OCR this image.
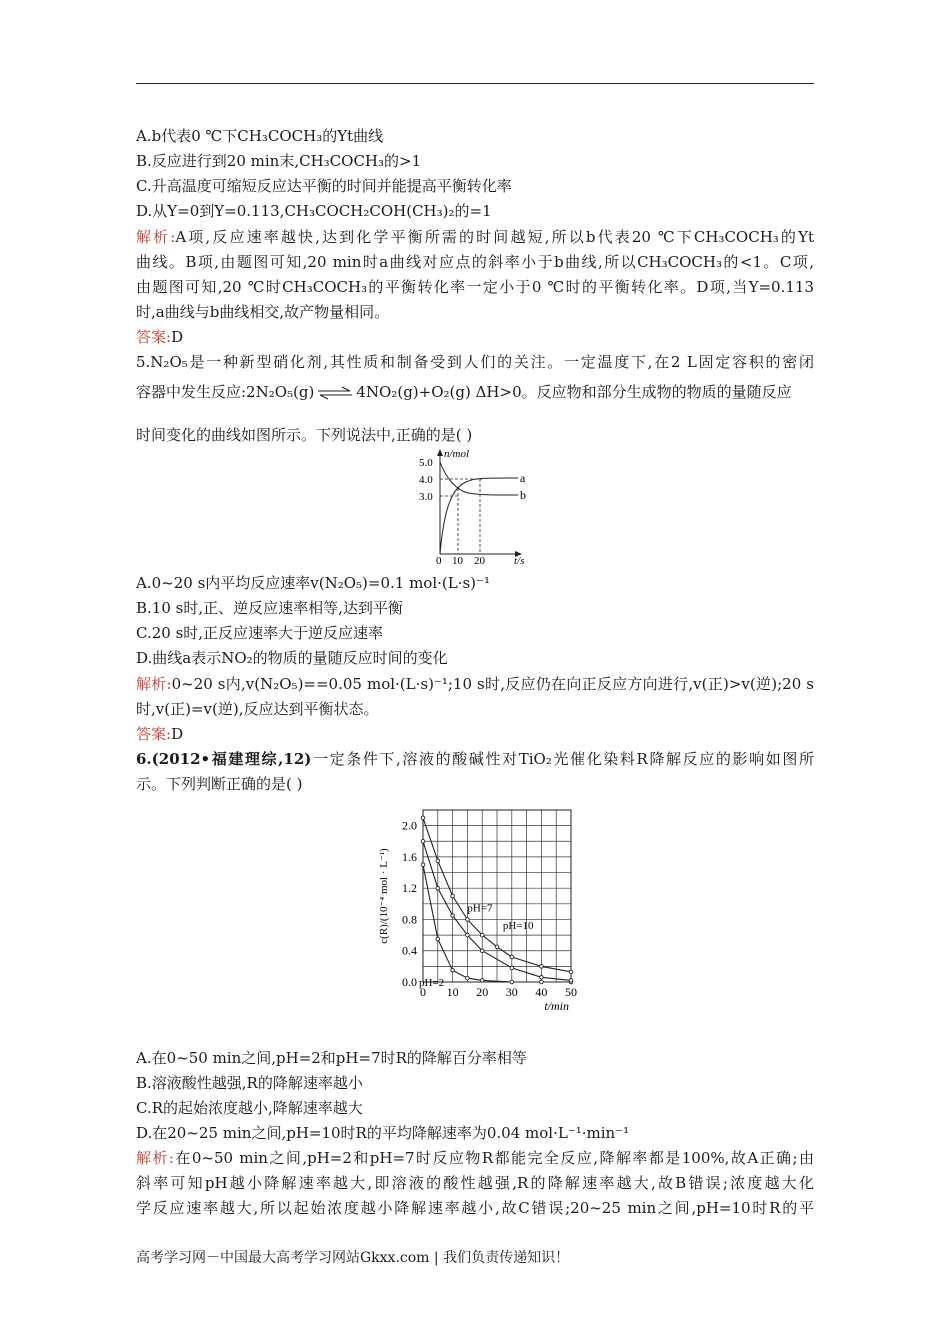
A.b代表0 ℃下CH₃COCH₃的Yt曲线
B.反应进行到20 min末,CH₃COCH₃的>1
C.升高温度可缩短反应达平衡的时间并能提高平衡转化率
D.从Y=0到Y=0.113,CH₃COCH₂COH(CH₃)₂的=1
解析:A项,反应速率越快,达到化学平衡所需的时间越短,所以b代表20 ℃下CH₃COCH₃的Yt
曲线。B项,由题图可知,20 min时a曲线对应点的斜率小于b曲线,所以CH₃COCH₃的<1。C项,
由题图可知,20 ℃时CH₃COCH₃的平衡转化率一定小于0 ℃时的平衡转化率。D项,当Y=0.113
时,a曲线与b曲线相交,故产物量相同。
答案:D
5.N₂O₅是一种新型硝化剂,其性质和制备受到人们的关注。一定温度下,在2 L固定容积的密闭
容器中发生反应:2N₂O₅(g) ⇌ 4NO₂(g)+O₂(g) ΔH>0。反应物和部分生成物的物质的量随反应
时间变化的曲线如图所示。下列说法中,正确的是( )
n/mol
5.0
4.0
3.0
a
b
0 10 20	t/s
A.0~20 s内平均反应速率v(N₂O₅)=0.1 mol·(L·s)⁻¹
B.10 s时,正、逆反应速率相等,达到平衡
C.20 s时,正反应速率大于逆反应速率
D.曲线a表示NO₂的物质的量随反应时间的变化
解析:0~20 s内,v(N₂O₅)==0.05 mol·(L·s)⁻¹;10 s时,反应仍在向正反应方向进行,v(正)>v(逆);20 s
时,v(正)=v(逆),反应达到平衡状态。
答案:D
6.(2012•福建理综,12)一定条件下,溶液的酸碱性对TiO₂光催化染料R降解反应的影响如图所
示。下列判断正确的是( )
0 10 20 30 40 50
0.0
0.4
0.8
1.2
1.6
2.0
t/min
c(R)/(10⁻⁴ mol · L⁻¹)
pH=2
pH=7
pH=10
A.在0~50 min之间,pH=2和pH=7时R的降解百分率相等
B.溶液酸性越强,R的降解速率越小
C.R的起始浓度越小,降解速率越大
D.在20~25 min之间,pH=10时R的平均降解速率为0.04 mol·L⁻¹·min⁻¹
解析:在0~50 min之间,pH=2和pH=7时反应物R都能完全反应,降解率都是100%,故A正确;由
斜率可知pH越小降解速率越大,即溶液的酸性越强,R的降解速率越大,故B错误;浓度越大化
学反应速率越大,所以起始浓度越小降解速率越小,故C错误;20~25 min之间,pH=10时R的平
高考学习网－中国最大高考学习网站Gkxx.com | 我们负责传递知识！
